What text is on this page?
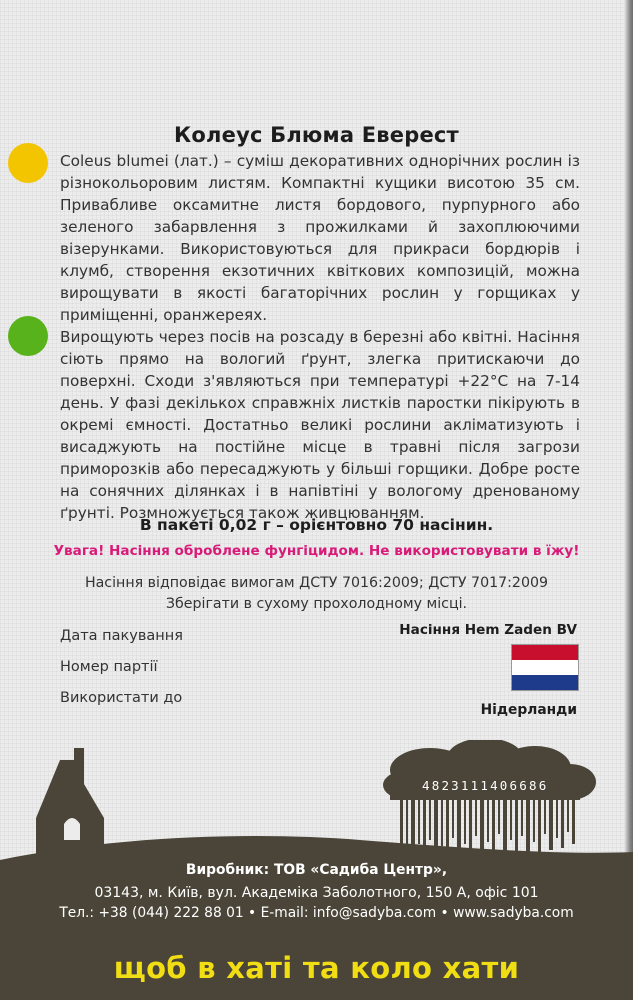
Колеус Блюма Еверест
Coleus blumei (лат.) – суміш декоративних однорічних рослин із різнокольоровим листям. Компактні кущики висотою 35 см. Привабливе оксамитне листя бордового, пурпурного або зеленого забарвлення з прожилками й захоплюючими візерунками. Використовуються для прикраси бордюрів і клумб, створення екзотичних квіткових композицій, можна вирощувати в якості багаторічних рослин у горщиках у приміщенні, оранжереях.
Вирощують через посів на розсаду в березні або квітні. Насіння сіють прямо на вологий ґрунт, злегка притискаючи до поверхні. Сходи з'являються при температурі +22°С на 7-14 день. У фазі декількох справжніх листків паростки пікірують в окремі ємності. Достатньо великі рослини акліматизують і висаджують на постійне місце в травні після загрози приморозків або пересаджують у більші горщики. Добре росте на сонячних ділянках і в напівтіні у вологому дренованому ґрунті. Розмножується також живцюванням.
В пакеті 0,02 г – орієнтовно 70 насінин.
Увага! Насіння оброблене фунгіцидом. Не використовувати в їжу!
Насіння відповідає вимогам ДСТУ 7016:2009; ДСТУ 7017:2009
Зберігати в сухому прохолодному місці.
Дата пакування
Номер партії
Використати до
Насіння Hem Zaden BV
Нідерланди
4823111406686
Виробник: ТОВ «Садиба Центр»,
03143, м. Київ, вул. Академіка Заболотного, 150 А, офіс 101
Тел.: +38 (044) 222 88 01 • E-mail: info@sadyba.com • www.sadyba.com
щоб в хаті та коло хати
